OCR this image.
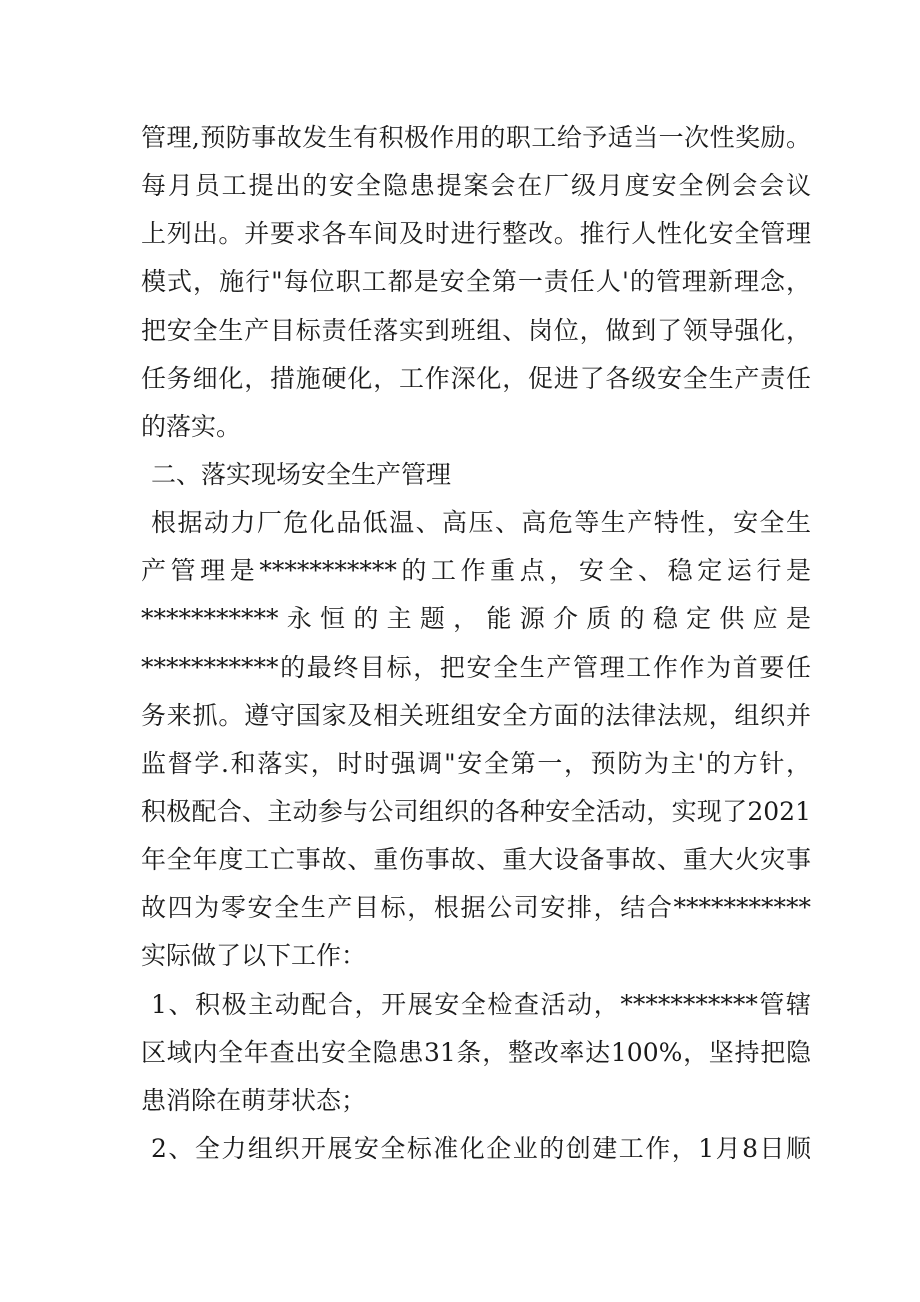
管理,预防事故发生有积极作用的职工给予适当一次性奖励。
每月员工提出的安全隐患提案会在厂级月度安全例会会议
上列出。并要求各车间及时进行整改。推行人性化安全管理
模式，施行"每位职工都是安全第一责任人'的管理新理念，
把安全生产目标责任落实到班组、岗位，做到了领导强化，
任务细化，措施硬化，工作深化，促进了各级安全生产责任
的落实。
二、落实现场安全生产管理
根据动力厂危化品低温、高压、高危等生产特性，安全生
产管理是***********的工作重点，安全、稳定运行是
***********永恒的主题，能源介质的稳定供应是
***********的最终目标，把安全生产管理工作作为首要任
务来抓。遵守国家及相关班组安全方面的法律法规，组织并
监督学.和落实，时时强调"安全第一，预防为主'的方针，
积极配合、主动参与公司组织的各种安全活动，实现了2021
年全年度工亡事故、重伤事故、重大设备事故、重大火灾事
故四为零安全生产目标，根据公司安排，结合***********
实际做了以下工作：
1、积极主动配合，开展安全检查活动，***********管辖
区域内全年查出安全隐患31条，整改率达100%，坚持把隐
患消除在萌芽状态；
2、全力组织开展安全标准化企业的创建工作，1月8日顺
